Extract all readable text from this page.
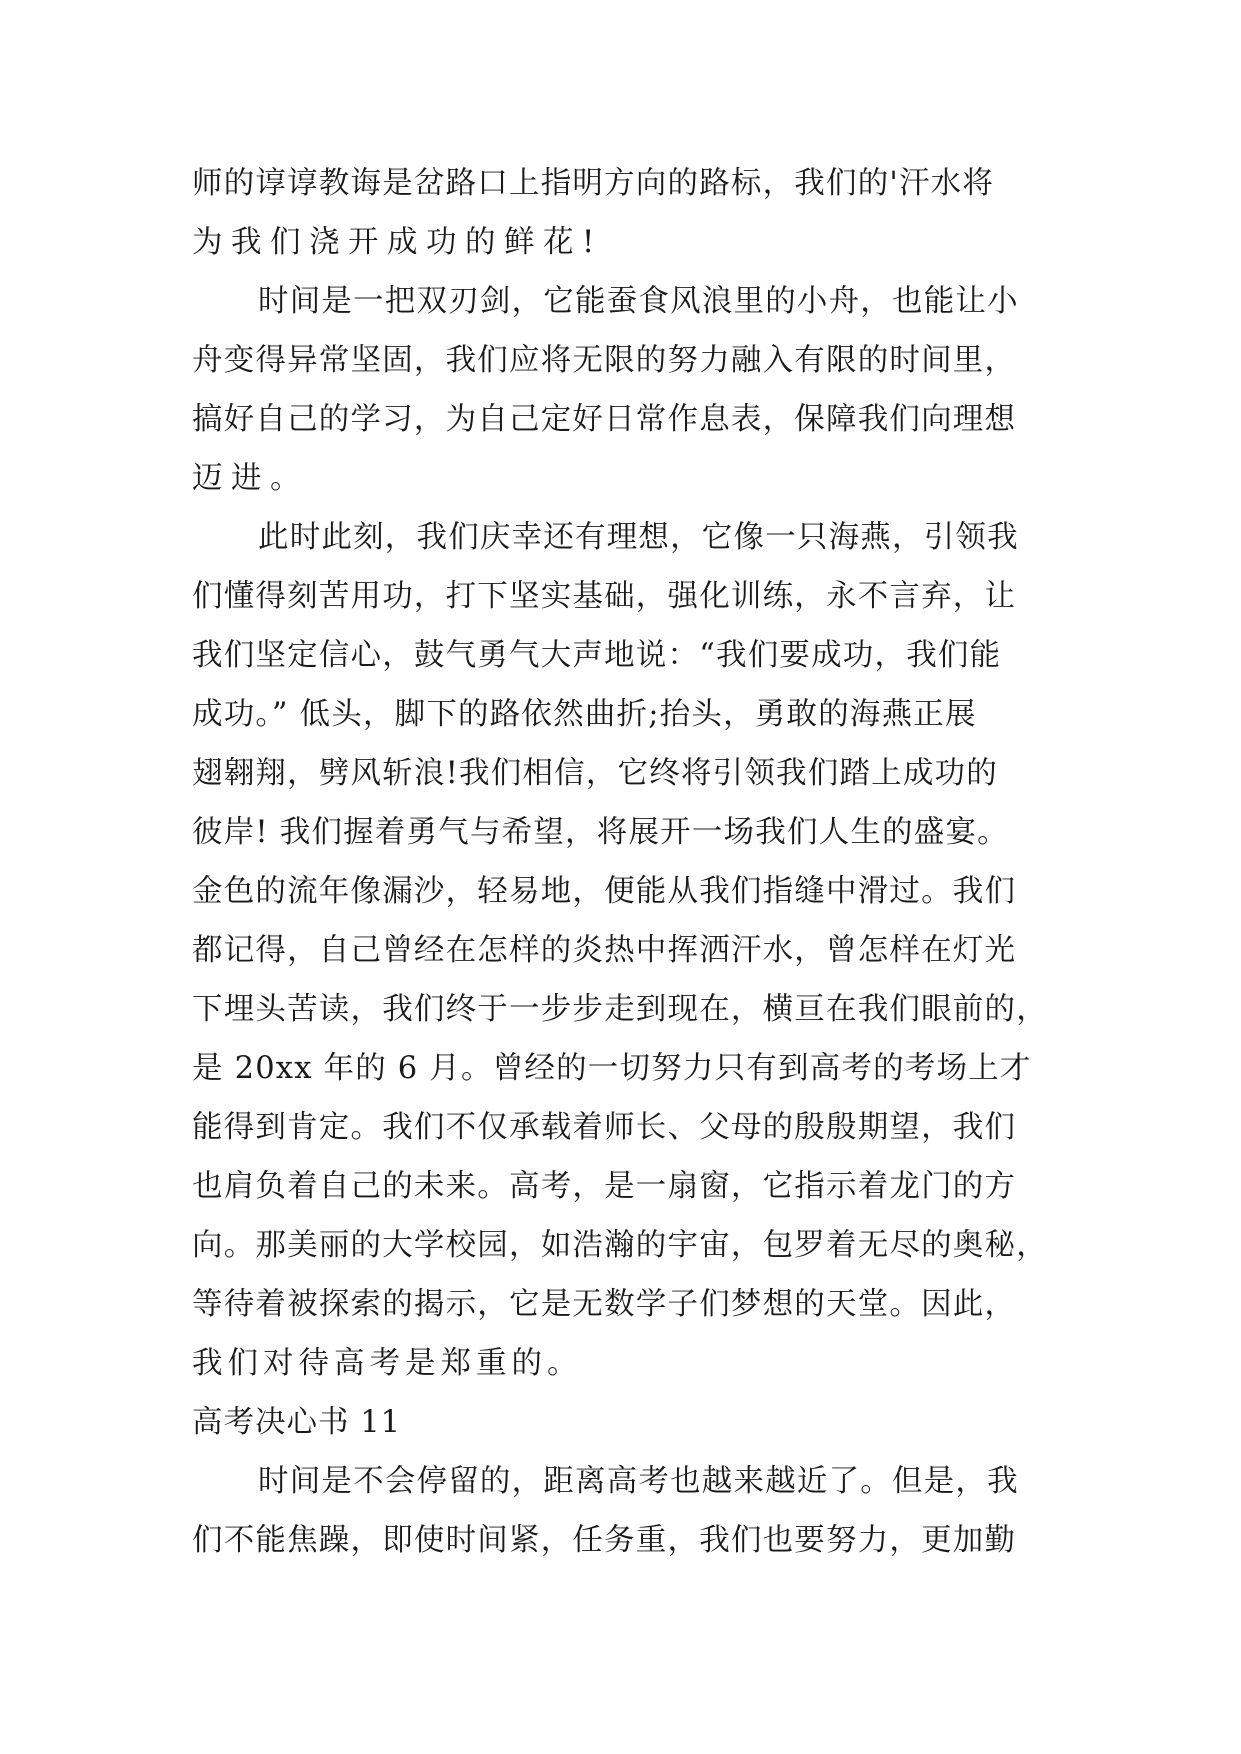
师的谆谆教诲是岔路口上指明方向的路标，我们的'汗水将
为我们浇开成功的鲜花!
时间是一把双刃剑，它能蚕食风浪里的小舟，也能让小
舟变得异常坚固，我们应将无限的努力融入有限的时间里，
搞好自己的学习，为自己定好日常作息表，保障我们向理想
迈进。
此时此刻，我们庆幸还有理想，它像一只海燕，引领我
们懂得刻苦用功，打下坚实基础，强化训练，永不言弃，让
我们坚定信心，鼓气勇气大声地说：“我们要成功，我们能
成功。” 低头，脚下的路依然曲折;抬头，勇敢的海燕正展
翅翱翔，劈风斩浪!我们相信，它终将引领我们踏上成功的
彼岸! 我们握着勇气与希望，将展开一场我们人生的盛宴。
金色的流年像漏沙，轻易地，便能从我们指缝中滑过。我们
都记得，自己曾经在怎样的炎热中挥洒汗水，曾怎样在灯光
下埋头苦读，我们终于一步步走到现在，横亘在我们眼前的，
是 20xx 年的 6 月。曾经的一切努力只有到高考的考场上才
能得到肯定。我们不仅承载着师长、父母的殷殷期望，我们
也肩负着自己的未来。高考，是一扇窗，它指示着龙门的方
向。那美丽的大学校园，如浩瀚的宇宙，包罗着无尽的奥秘，
等待着被探索的揭示，它是无数学子们梦想的天堂。因此，
我们对待高考是郑重的。
高考决心书 11
时间是不会停留的，距离高考也越来越近了。但是，我
们不能焦躁，即使时间紧，任务重，我们也要努力，更加勤
